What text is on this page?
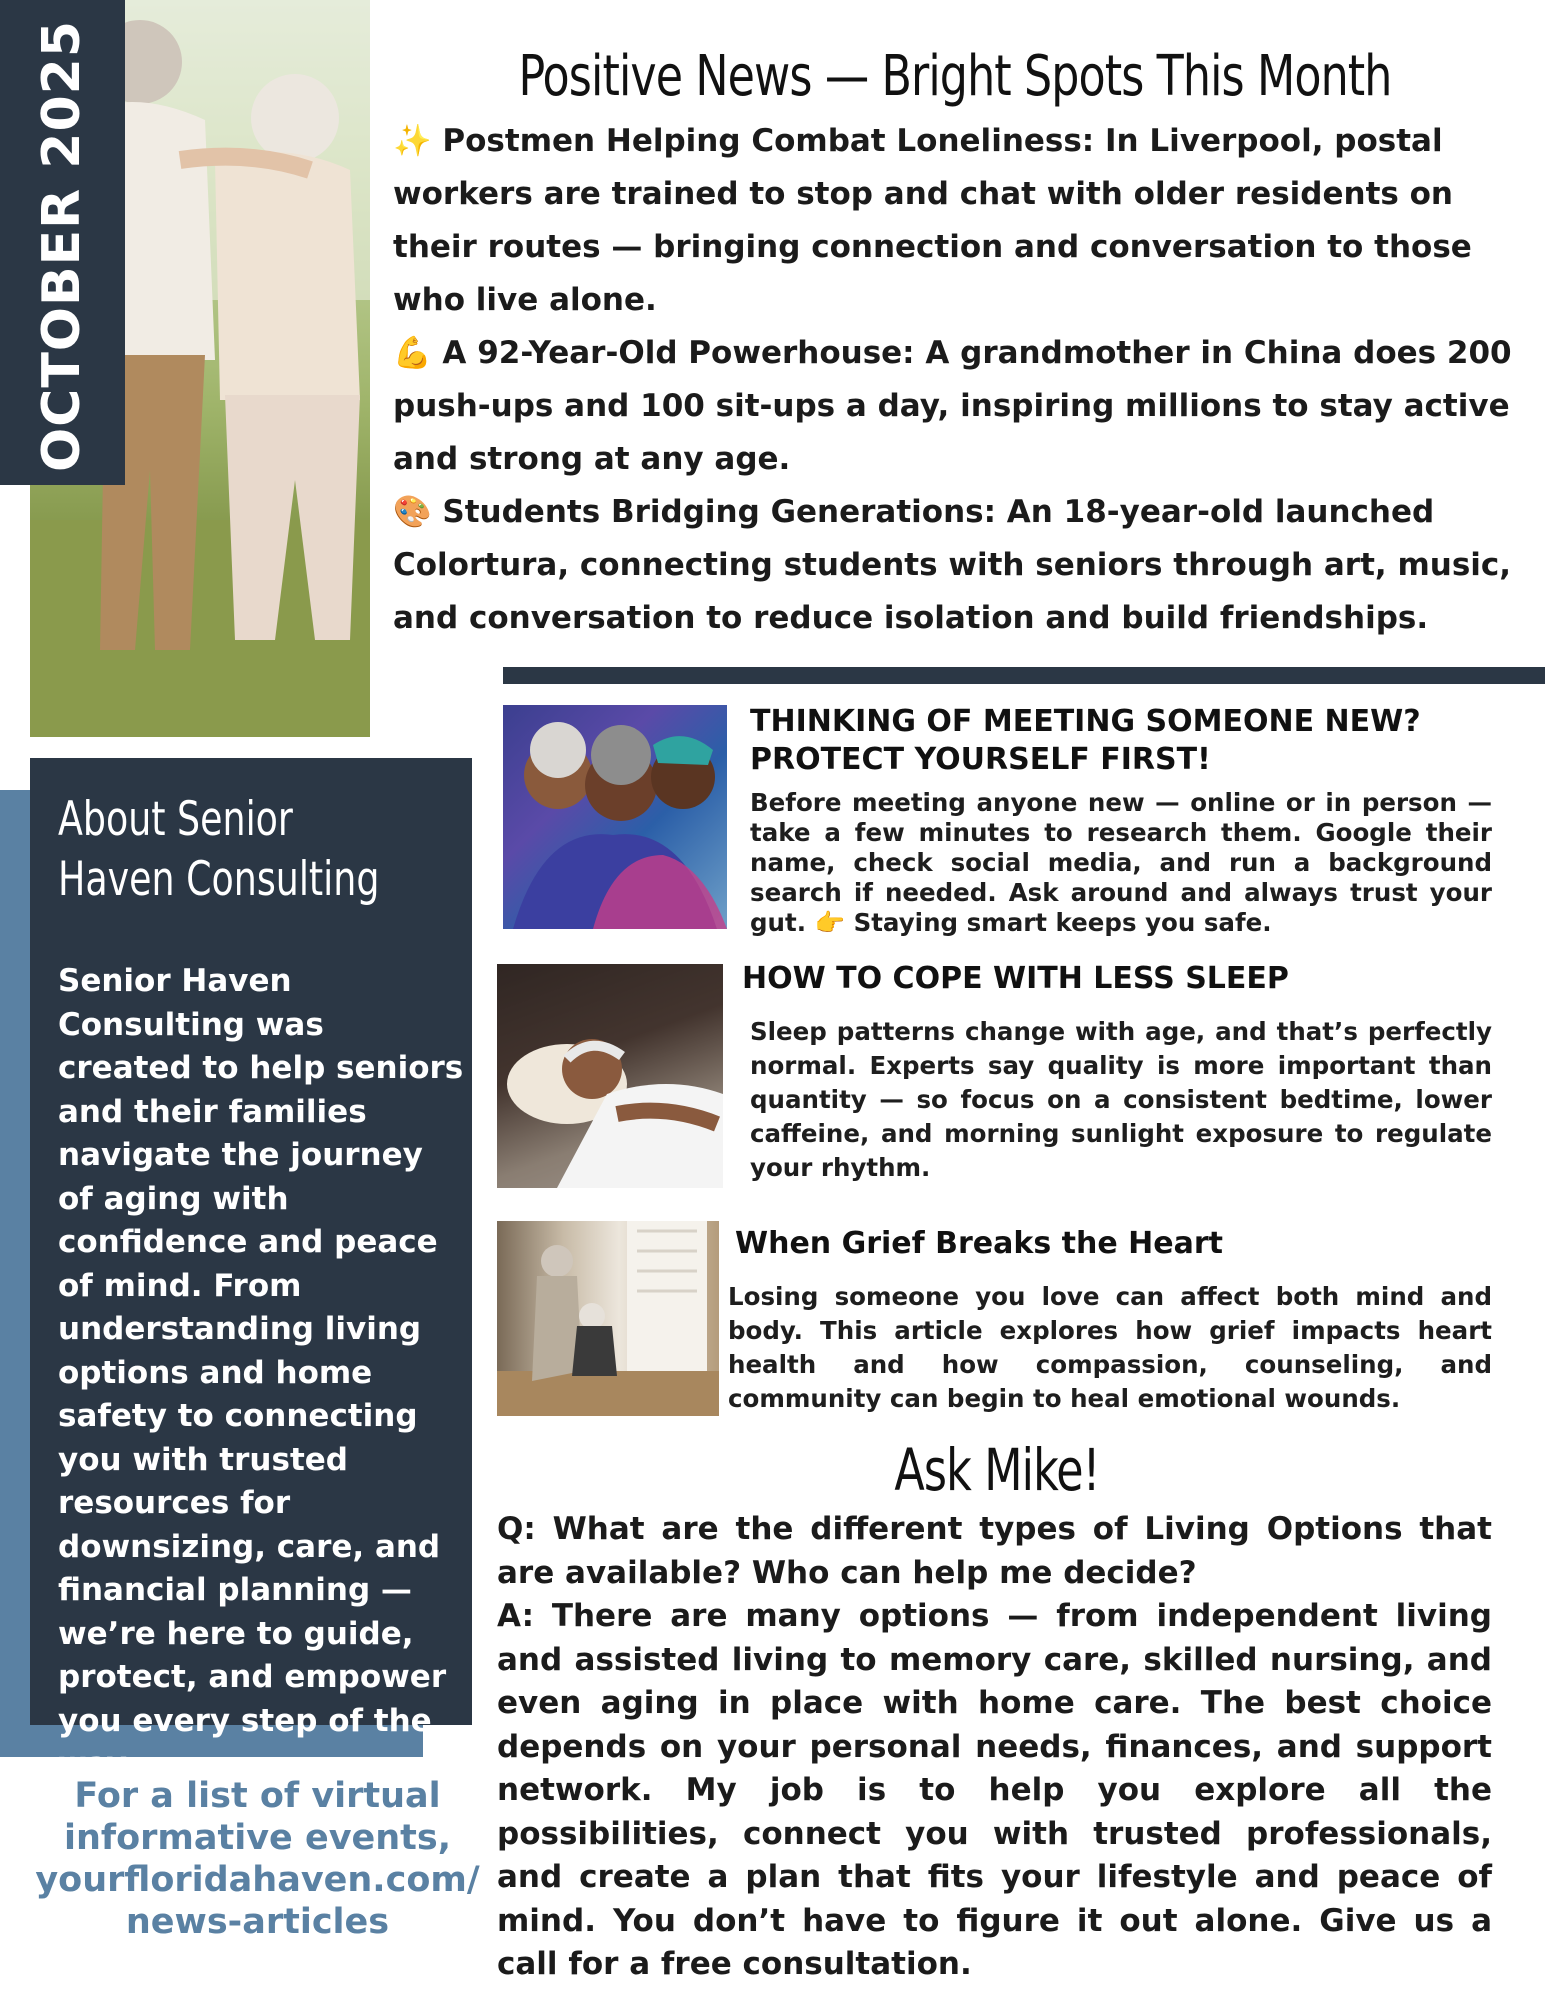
OCTOBER 2025	Positive News — Bright Spots This Month
✨ Postmen Helping Combat Loneliness: In Liverpool, postal workers are trained to stop and chat with older residents on their routes — bringing connection and conversation to those who live alone.
💪 A 92-Year-Old Powerhouse: A grandmother in China does 200 push-ups and 100 sit-ups a day, inspiring millions to stay active and strong at any age.
🎨 Students Bridging Generations: An 18-year-old launched Colortura, connecting students with seniors through art, music, and conversation to reduce isolation and build friendships.
THINKING OF MEETING SOMEONE NEW? PROTECT YOURSELF FIRST!
Before meeting anyone new — online or in person — take a few minutes to research them. Google their name, check social media, and run a background search if needed. Ask around and always trust your gut. 👉 Staying smart keeps you safe.
HOW TO COPE WITH LESS SLEEP
Sleep patterns change with age, and that’s perfectly normal. Experts say quality is more important than quantity — so focus on a consistent bedtime, lower caffeine, and morning sunlight exposure to regulate your rhythm.
When Grief Breaks the Heart
Losing someone you love can affect both mind and body. This article explores how grief impacts heart health and how compassion, counseling, and community can begin to heal emotional wounds.
Ask Mike!
Q: What are the different types of Living Options that are available? Who can help me decide?
A: There are many options — from independent living and assisted living to memory care, skilled nursing, and even aging in place with home care. The best choice depends on your personal needs, finances, and support network. My job is to help you explore all the possibilities, connect you with trusted professionals, and create a plan that fits your lifestyle and peace of mind. You don’t have to figure it out alone. Give us a call for a free consultation.
About Senior Haven Consulting
Senior Haven Consulting was created to help seniors and their families navigate the journey of aging with confidence and peace of mind. From understanding living options and home safety to connecting you with trusted resources for downsizing, care, and financial planning — we’re here to guide, protect, and empower you every step of the way.
For a list of virtual informative events, yourfloridahaven.com/ news-articles
